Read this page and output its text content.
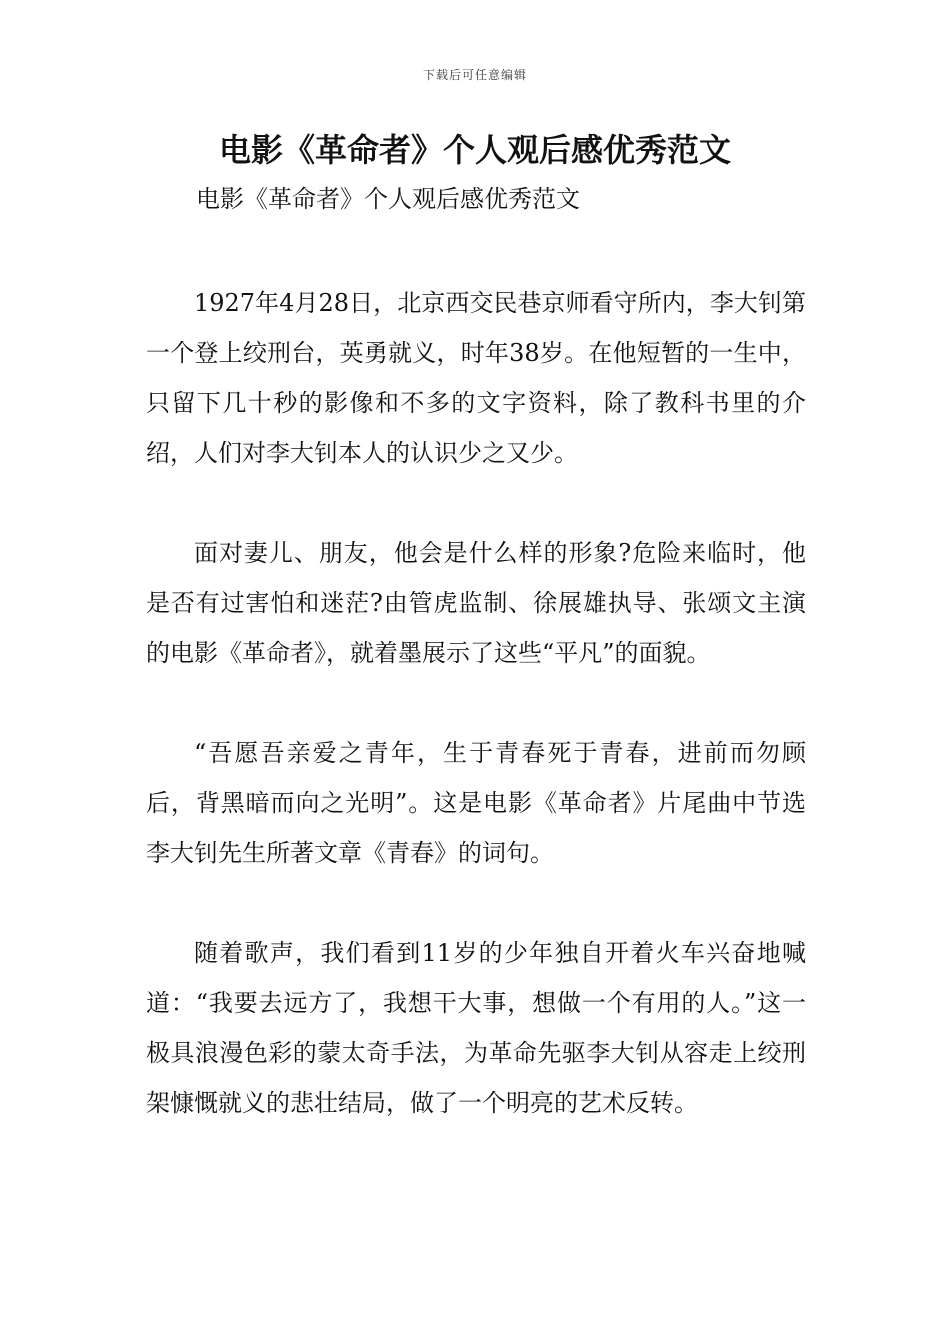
下载后可任意编辑
电影《革命者》个人观后感优秀范文
电影《革命者》个人观后感优秀范文

1927年4月28日，北京西交民巷京师看守所内，李大钊第一个登上绞刑台，英勇就义，时年38岁。在他短暂的一生中，只留下几十秒的影像和不多的文字资料，除了教科书里的介绍，人们对李大钊本人的认识少之又少。

面对妻儿、朋友，他会是什么样的形象?危险来临时，他是否有过害怕和迷茫?由管虎监制、徐展雄执导、张颂文主演的电影《革命者》，就着墨展示了这些“平凡”的面貌。

“吾愿吾亲爱之青年，生于青春死于青春，进前而勿顾后，背黑暗而向之光明”。这是电影《革命者》片尾曲中节选李大钊先生所著文章《青春》的词句。

随着歌声，我们看到11岁的少年独自开着火车兴奋地喊道：“我要去远方了，我想干大事，想做一个有用的人。”这一极具浪漫色彩的蒙太奇手法，为革命先驱李大钊从容走上绞刑架慷慨就义的悲壮结局，做了一个明亮的艺术反转。
